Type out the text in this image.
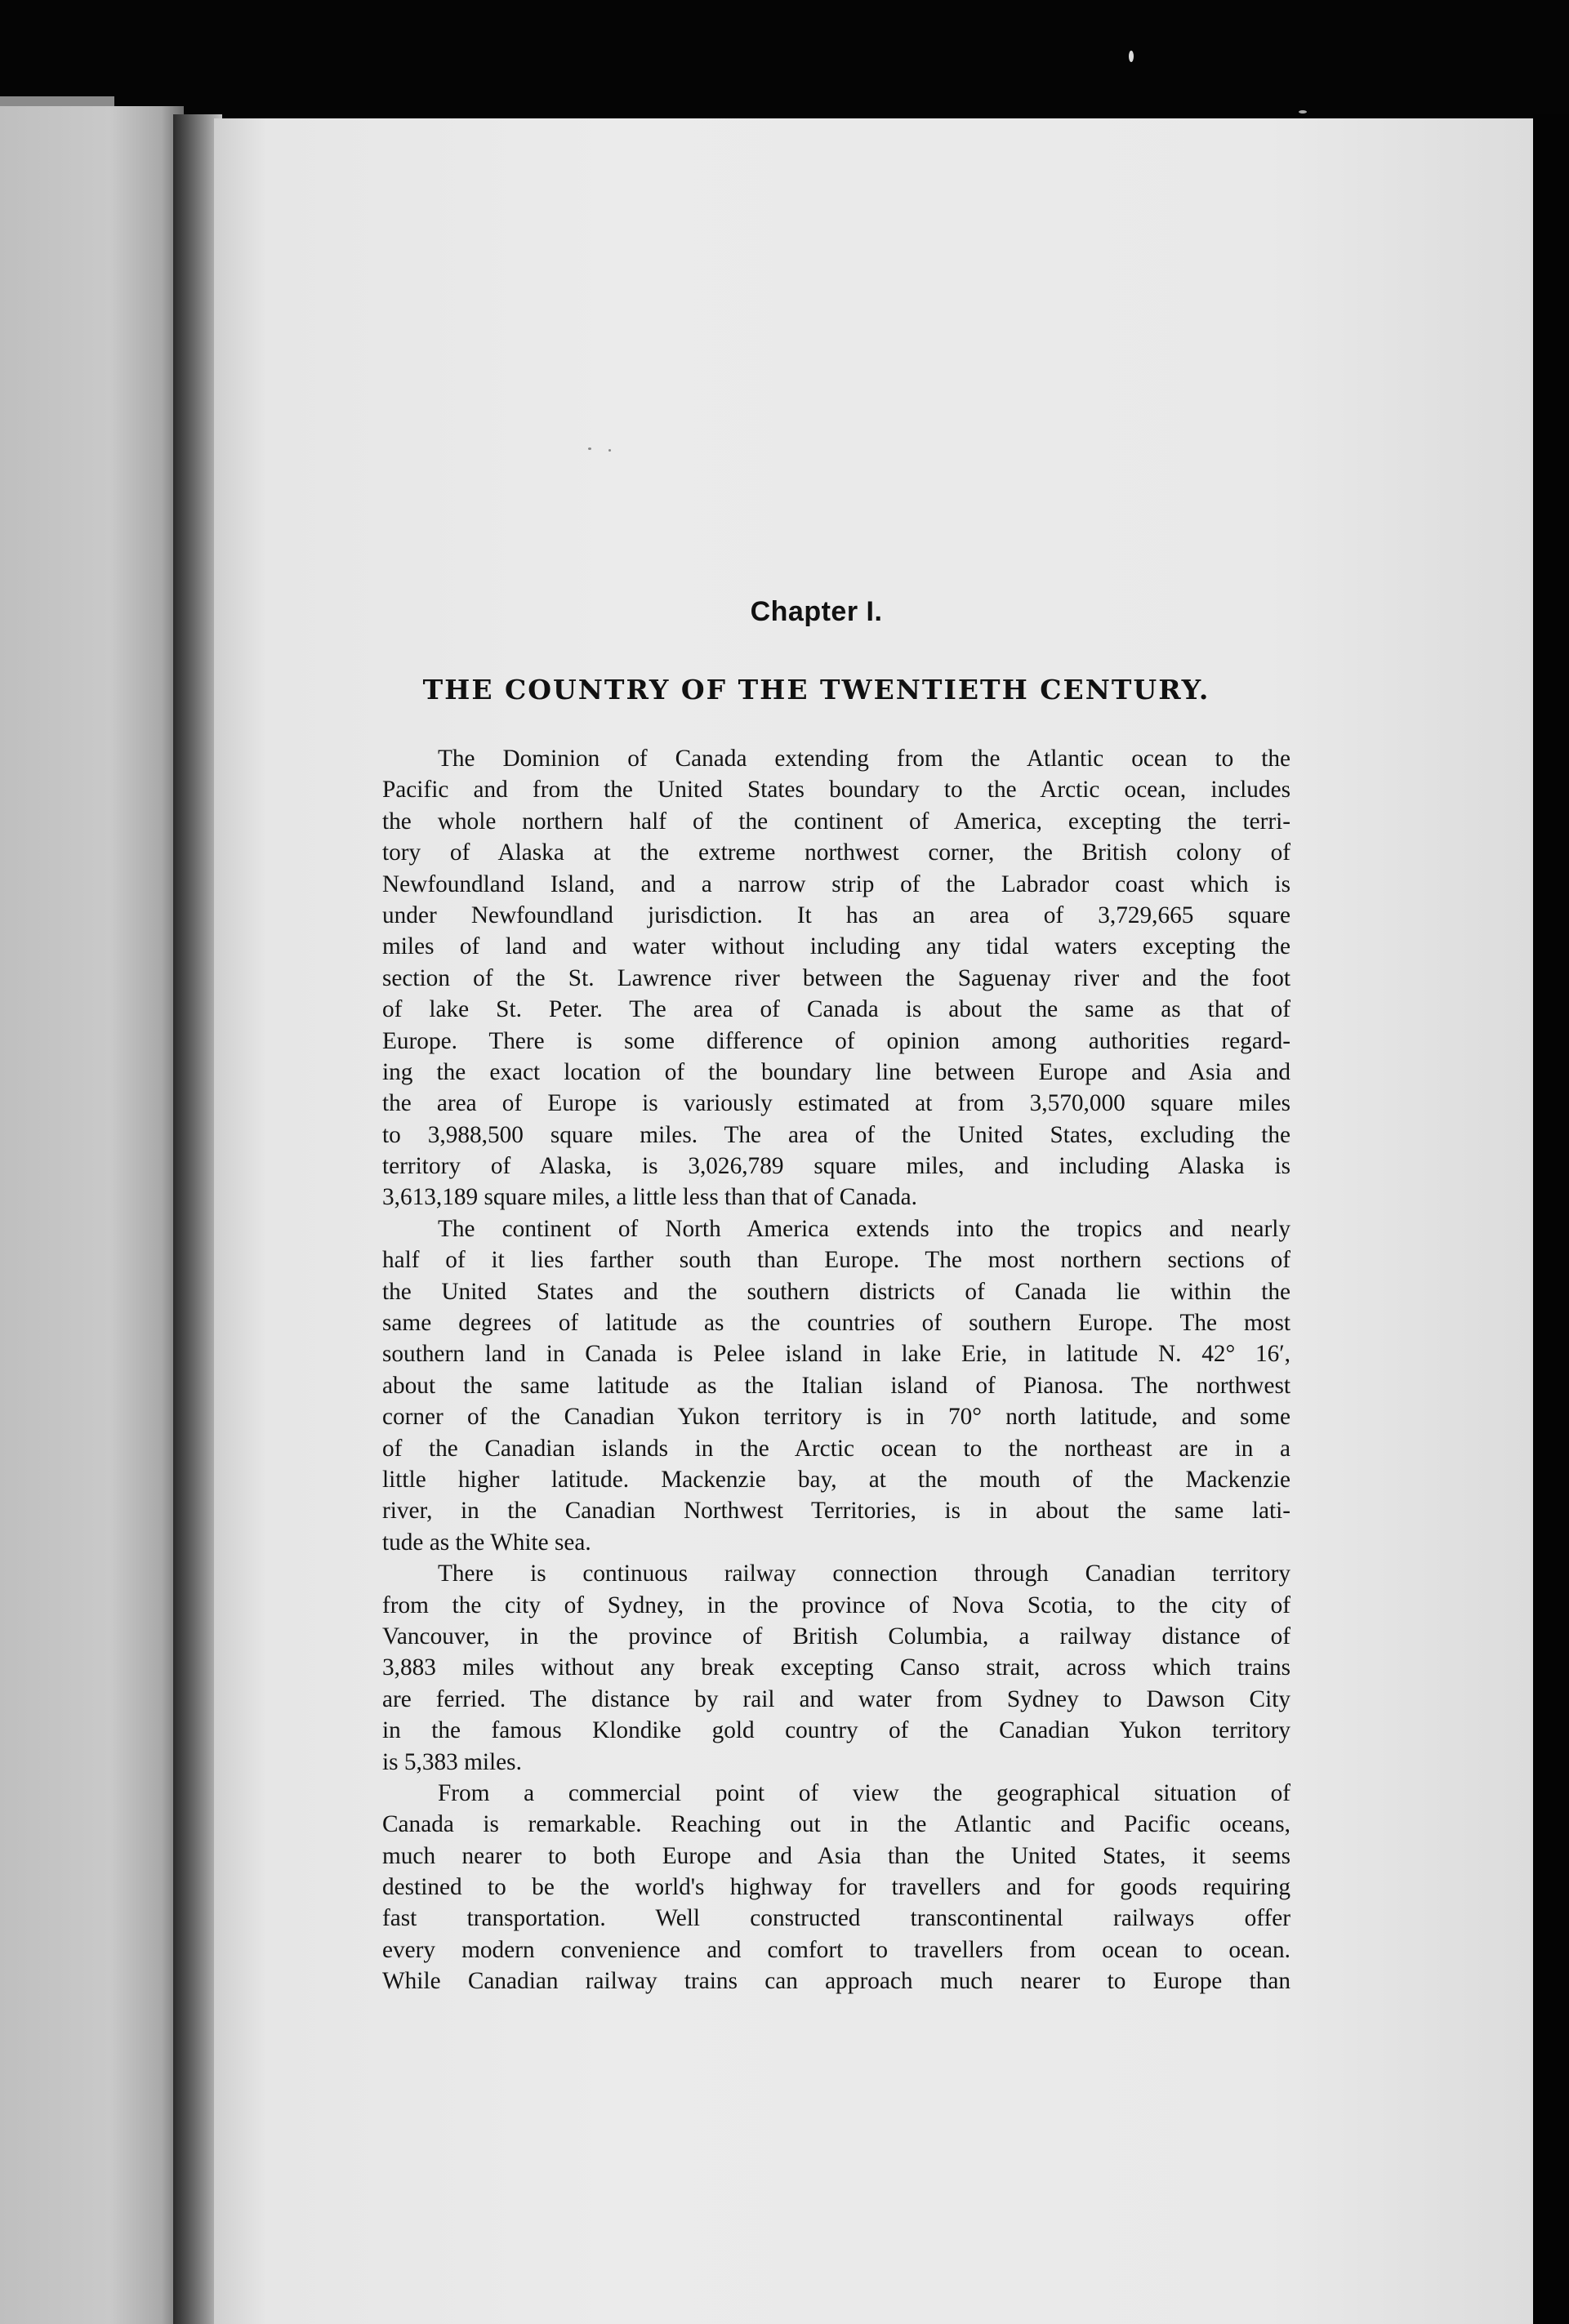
Chapter I.
THE COUNTRY OF THE TWENTIETH CENTURY.

The Dominion of Canada extending from the Atlantic ocean to the
Pacific and from the United States boundary to the Arctic ocean, includes
the whole northern half of the continent of America, excepting the terri-
tory of Alaska at the extreme northwest corner, the British colony of
Newfoundland Island, and a narrow strip of the Labrador coast which is
under Newfoundland jurisdiction. It has an area of 3,729,665 square
miles of land and water without including any tidal waters excepting the
section of the St. Lawrence river between the Saguenay river and the foot
of lake St. Peter. The area of Canada is about the same as that of
Europe. There is some difference of opinion among authorities regard-
ing the exact location of the boundary line between Europe and Asia and
the area of Europe is variously estimated at from 3,570,000 square miles
to 3,988,500 square miles. The area of the United States, excluding the
territory of Alaska, is 3,026,789 square miles, and including Alaska is
3,613,189 square miles, a little less than that of Canada.

The continent of North America extends into the tropics and nearly
half of it lies farther south than Europe. The most northern sections of
the United States and the southern districts of Canada lie within the
same degrees of latitude as the countries of southern Europe. The most
southern land in Canada is Pelee island in lake Erie, in latitude N. 42° 16′,
about the same latitude as the Italian island of Pianosa. The northwest
corner of the Canadian Yukon territory is in 70° north latitude, and some
of the Canadian islands in the Arctic ocean to the northeast are in a
little higher latitude. Mackenzie bay, at the mouth of the Mackenzie
river, in the Canadian Northwest Territories, is in about the same lati-
tude as the White sea.

There is continuous railway connection through Canadian territory
from the city of Sydney, in the province of Nova Scotia, to the city of
Vancouver, in the province of British Columbia, a railway distance of
3,883 miles without any break excepting Canso strait, across which trains
are ferried. The distance by rail and water from Sydney to Dawson City
in the famous Klondike gold country of the Canadian Yukon territory
is 5,383 miles.

From a commercial point of view the geographical situation of
Canada is remarkable. Reaching out in the Atlantic and Pacific oceans,
much nearer to both Europe and Asia than the United States, it seems
destined to be the world's highway for travellers and for goods requiring
fast transportation. Well constructed transcontinental railways offer
every modern convenience and comfort to travellers from ocean to ocean.
While Canadian railway trains can approach much nearer to Europe than
